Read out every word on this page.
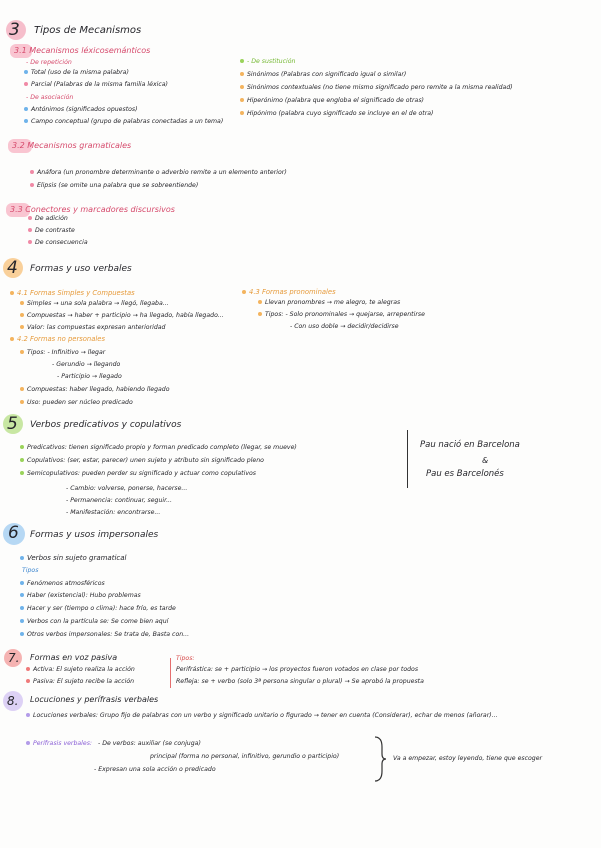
3 Tipos de Mecanismos
3.1 Mecanismos léxicosemánticos
- De repetición
Total (uso de la misma palabra)
Parcial (Palabras de la misma familia léxica)
- De asociación
Antónimos (significados opuestos)
Campo conceptual (grupo de palabras conectadas a un tema)
- De sustitución
Sinónimos (Palabras con significado igual o similar)
Sinónimos contextuales (no tiene mismo significado pero remite a la misma realidad)
Hiperónimo (palabra que engloba el significado de otras)
Hipónimo (palabra cuyo significado se incluye en el de otra)
3.2 Mecanismos gramaticales
Anáfora (un pronombre determinante o adverbio remite a un elemento anterior)
Elipsis (se omite una palabra que se sobreentiende)
3.3 Conectores y marcadores discursivos
De adición
De contraste
De consecuencia
4 Formas y uso verbales
4.1 Formas Simples y Compuestas
Simples → una sola palabra → llegó, llegaba...
Compuestas → haber + participio → ha llegado, había llegado...
Valor: las compuestas expresan anterioridad
4.2 Formas no personales
Tipos: - Infinitivo → llegar
- Gerundio → llegando
- Participio → llegado
Compuestas: haber llegado, habiendo llegado
Uso: pueden ser núcleo predicado
4.3 Formas pronominales
Llevan pronombres → me alegro, te alegras
Tipos: - Solo pronominales → quejarse, arrepentirse
- Con uso doble → decidir/decidirse
5 Verbos predicativos y copulativos
Predicativos: tienen significado propio y forman predicado completo (llegar, se mueve)
Copulativos: (ser, estar, parecer) unen sujeto y atributo sin significado pleno
Semicopulativos: pueden perder su significado y actuar como copulativos
- Cambio: volverse, ponerse, hacerse...
- Permanencia: continuar, seguir...
- Manifestación: encontrarse...
Pau nació en Barcelona
&
Pau es Barcelonés
6 Formas y usos impersonales
Verbos sin sujeto gramatical
Tipos
Fenómenos atmosféricos
Haber (existencial): Hubo problemas
Hacer y ser (tiempo o clima): hace frío, es tarde
Verbos con la partícula se: Se come bien aquí
Otros verbos impersonales: Se trata de, Basta con...
7. Formas en voz pasiva
Activa: El sujeto realiza la acción
Pasiva: El sujeto recibe la acción
Tipos:
Perifrástica: se + participio → los proyectos fueron votados en clase por todos
Refleja: se + verbo (solo 3ª persona singular o plural) → Se aprobó la propuesta
8. Locuciones y perífrasis verbales
Locuciones verbales: Grupo fijo de palabras con un verbo y significado unitario o figurado → tener en cuenta (Considerar), echar de menos (añorar)...
Perífrasis verbales: - De verbos: auxiliar (se conjuga)
principal (forma no personal, infinitivo, gerundio o participio)
- Expresan una sola acción o predicado
Va a empezar, estoy leyendo, tiene que escoger
